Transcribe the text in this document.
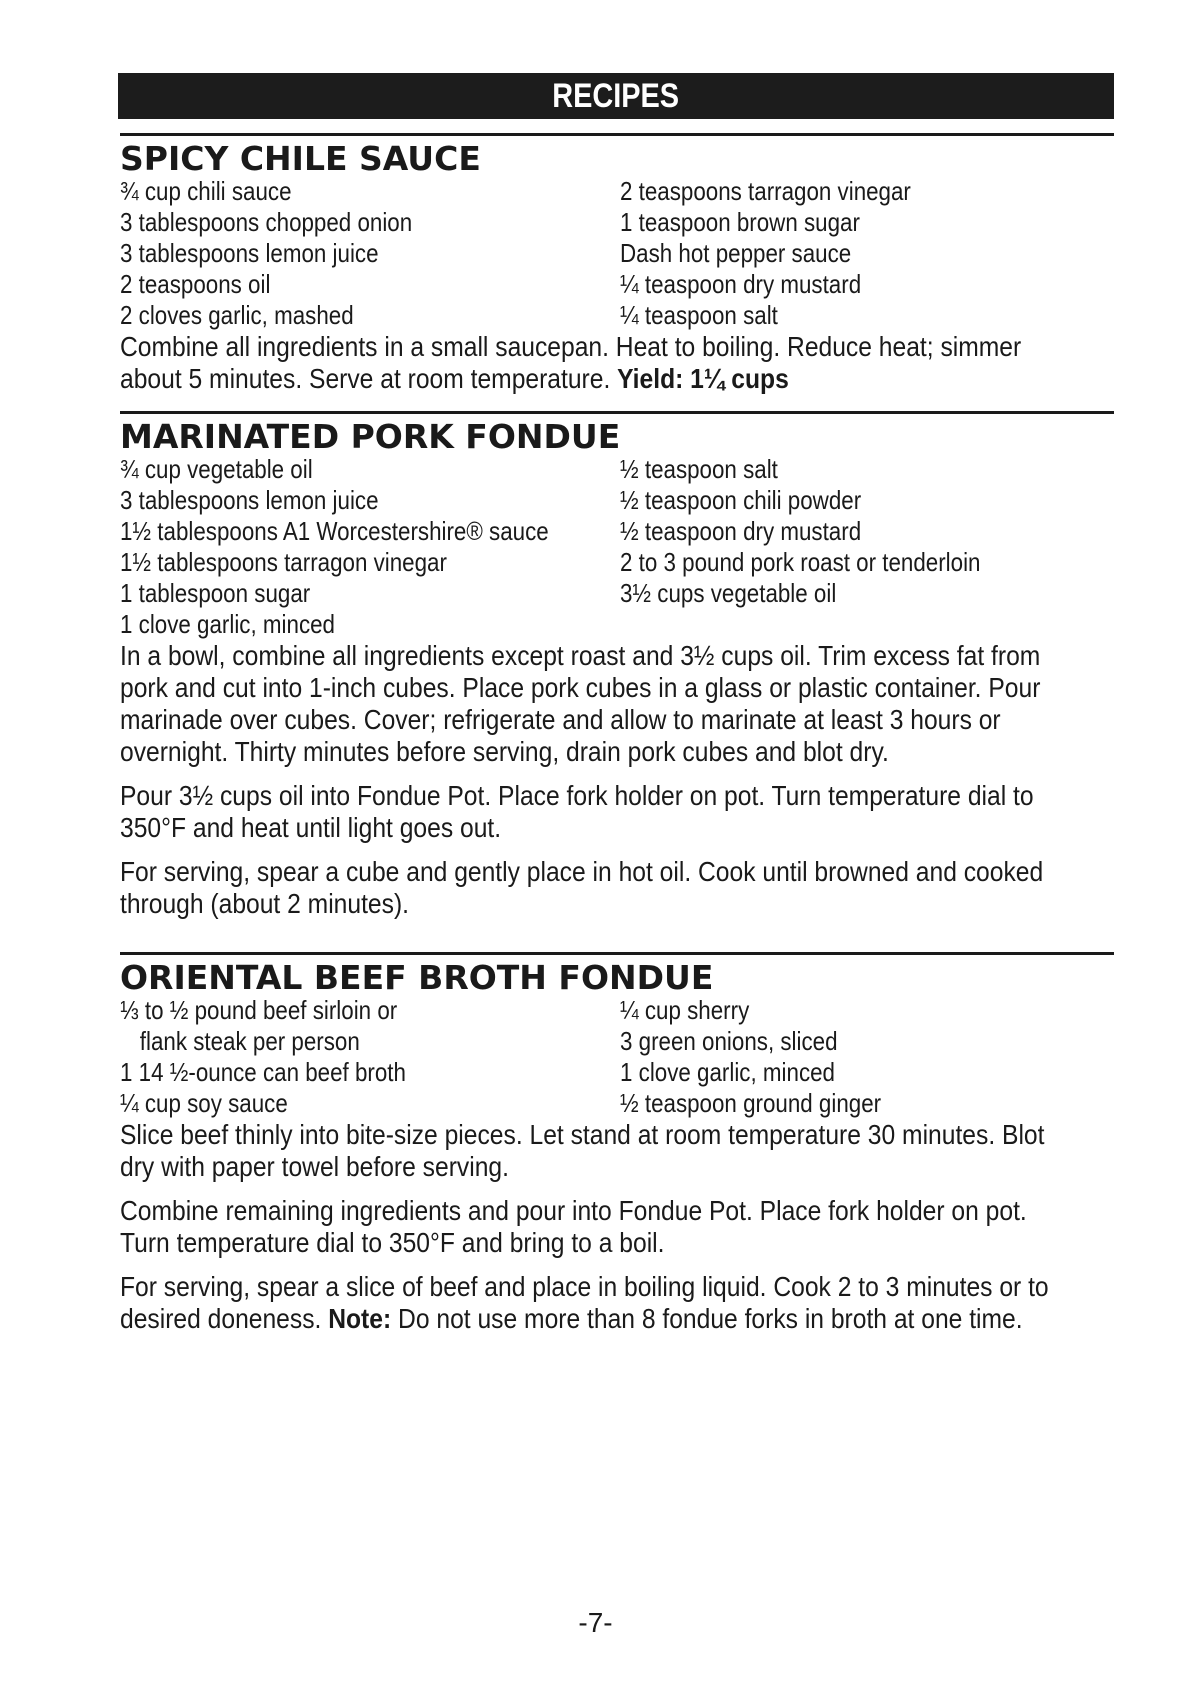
RECIPES
SPICY CHILE SAUCE
¾ cup chili sauce
3 tablespoons chopped onion
3 tablespoons lemon juice
2 teaspoons oil
2 cloves garlic, mashed
2 teaspoons tarragon vinegar
1 teaspoon brown sugar
Dash hot pepper sauce
¼ teaspoon dry mustard
¼ teaspoon salt

Combine all ingredients in a small saucepan. Heat to boiling. Reduce heat; simmer
about 5 minutes. Serve at room temperature. Yield: 1¼ cups

MARINATED PORK FONDUE
¾ cup vegetable oil
3 tablespoons lemon juice
1½ tablespoons A1 Worcestershire® sauce
1½ tablespoons tarragon vinegar
1 tablespoon sugar
1 clove garlic, minced
½ teaspoon salt
½ teaspoon chili powder
½ teaspoon dry mustard
2 to 3 pound pork roast or tenderloin
3½ cups vegetable oil

In a bowl, combine all ingredients except roast and 3½ cups oil. Trim excess fat from
pork and cut into 1-inch cubes. Place pork cubes in a glass or plastic container. Pour
marinade over cubes. Cover; refrigerate and allow to marinate at least 3 hours or
overnight. Thirty minutes before serving, drain pork cubes and blot dry.

Pour 3½ cups oil into Fondue Pot. Place fork holder on pot. Turn temperature dial to
350°F and heat until light goes out.

For serving, spear a cube and gently place in hot oil. Cook until browned and cooked
through (about 2 minutes).

ORIENTAL BEEF BROTH FONDUE
⅓ to ½ pound beef sirloin or
flank steak per person
1 14 ½-ounce can beef broth
¼ cup soy sauce
¼ cup sherry
3 green onions, sliced
1 clove garlic, minced
½ teaspoon ground ginger

Slice beef thinly into bite-size pieces. Let stand at room temperature 30 minutes. Blot
dry with paper towel before serving.

Combine remaining ingredients and pour into Fondue Pot. Place fork holder on pot.
Turn temperature dial to 350°F and bring to a boil.

For serving, spear a slice of beef and place in boiling liquid. Cook 2 to 3 minutes or to
desired doneness. Note: Do not use more than 8 fondue forks in broth at one time.

-7-
